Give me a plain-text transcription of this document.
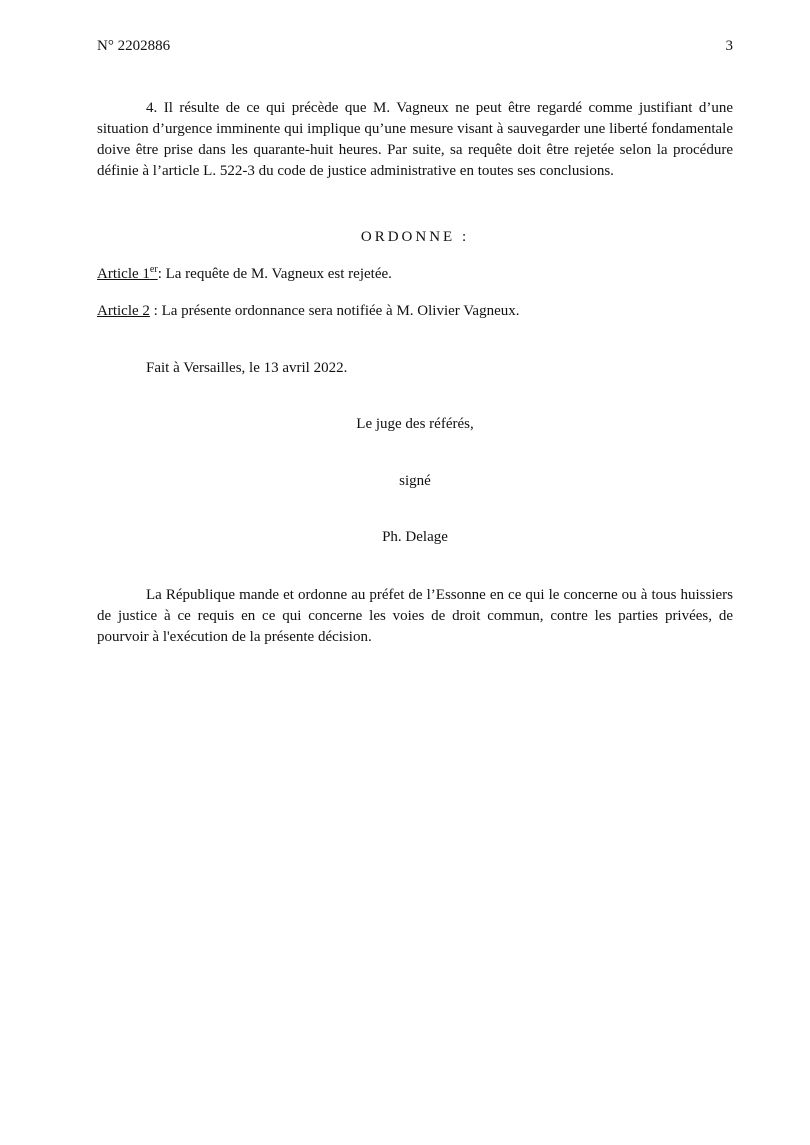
N° 2202886	3

4. Il résulte de ce qui précède que M. Vagneux ne peut être regardé comme justifiant d’une situation d’urgence imminente qui implique qu’une mesure visant à sauvegarder une liberté fondamentale doive être prise dans les quarante-huit heures. Par suite, sa requête doit être rejetée selon la procédure définie à l’article L. 522-3 du code de justice administrative en toutes ses conclusions.

ORDONNE :

Article 1er: La requête de M. Vagneux est rejetée.

Article 2 : La présente ordonnance sera notifiée à M. Olivier Vagneux.

Fait à Versailles, le 13 avril 2022.

Le juge des référés,

signé

Ph. Delage

La République mande et ordonne au préfet de l’Essonne en ce qui le concerne ou à tous huissiers de justice à ce requis en ce qui concerne les voies de droit commun, contre les parties privées, de pourvoir à l'exécution de la présente décision.
